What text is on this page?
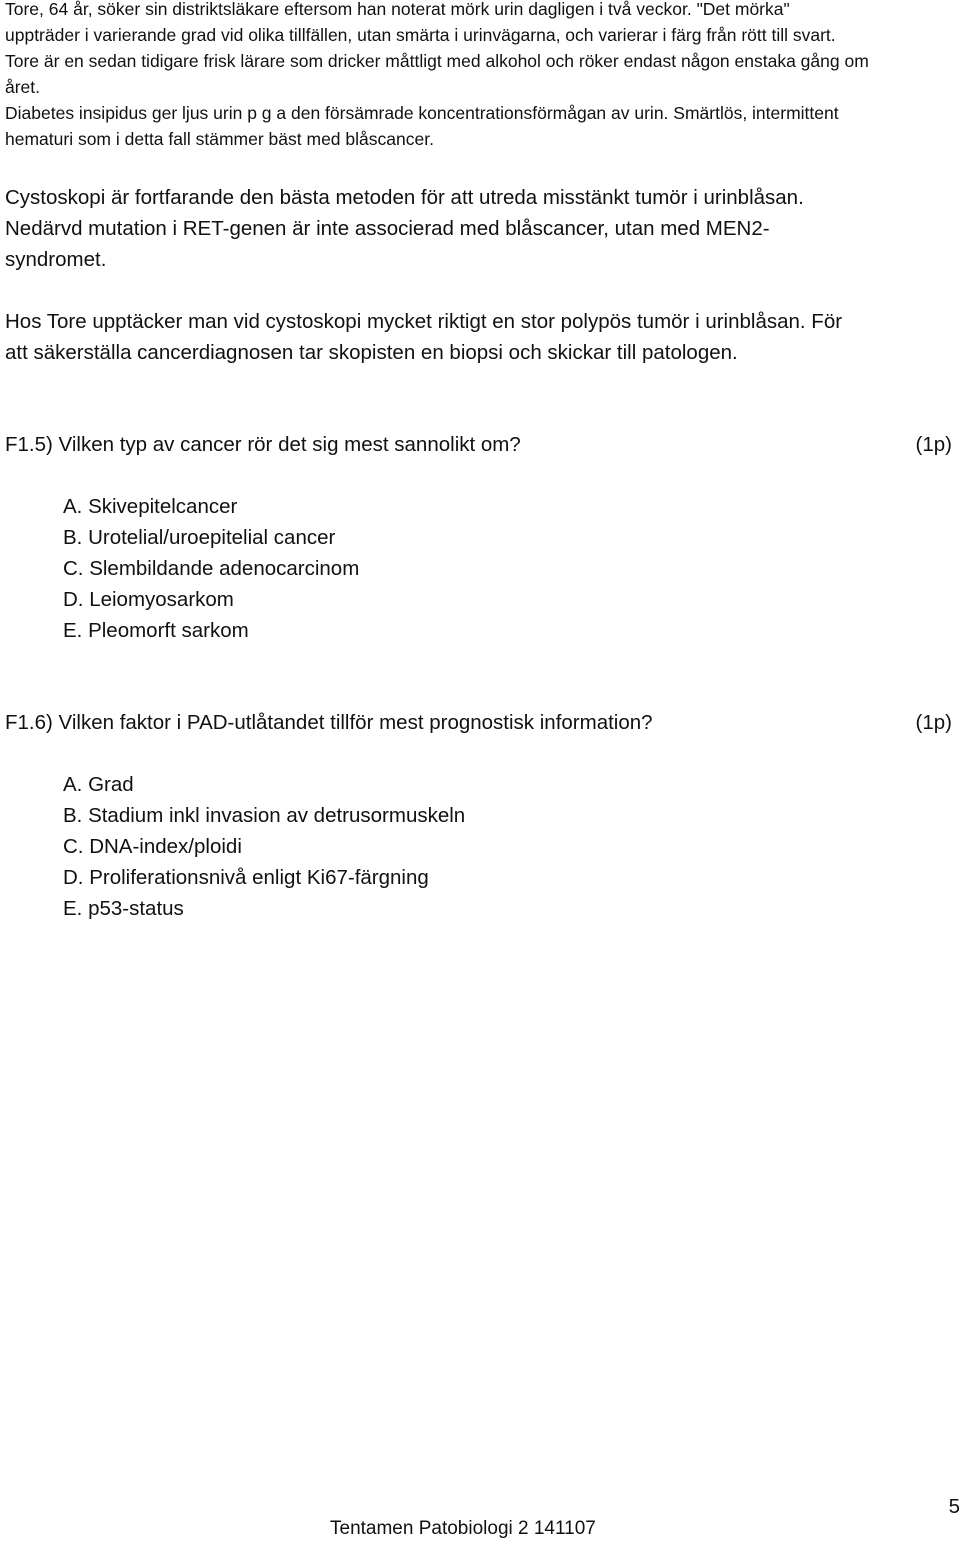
Tore, 64 år, söker sin distriktsläkare eftersom han noterat mörk urin dagligen i två veckor. "Det mörka"
uppträder i varierande grad vid olika tillfällen, utan smärta i urinvägarna, och varierar i färg från rött till svart.
Tore är en sedan tidigare frisk lärare som dricker måttligt med alkohol och röker endast någon enstaka gång om
året.
Diabetes insipidus ger ljus urin p g a den försämrade koncentrationsförmågan av urin. Smärtlös, intermittent
hematuri som i detta fall stämmer bäst med blåscancer.
Cystoskopi är fortfarande den bästa metoden för att utreda misstänkt tumör i urinblåsan.
Nedärvd mutation i RET-genen är inte associerad med blåscancer, utan med MEN2-
syndromet.
Hos Tore upptäcker man vid cystoskopi mycket riktigt en stor polypös tumör i urinblåsan. För
att säkerställa cancerdiagnosen tar skopisten en biopsi och skickar till patologen.
F1.5) Vilken typ av cancer rör det sig mest sannolikt om?	(1p)
A. Skivepitelcancer
B. Urotelial/uroepitelial cancer
C. Slembildande adenocarcinom
D. Leiomyosarkom
E. Pleomorft sarkom
F1.6) Vilken faktor i PAD-utlåtandet tillför mest prognostisk information?	(1p)
A. Grad
B. Stadium inkl invasion av detrusormuskeln
C. DNA-index/ploidi
D. Proliferationsnivå enligt Ki67-färgning
E. p53-status
5
Tentamen Patobiologi 2 141107
